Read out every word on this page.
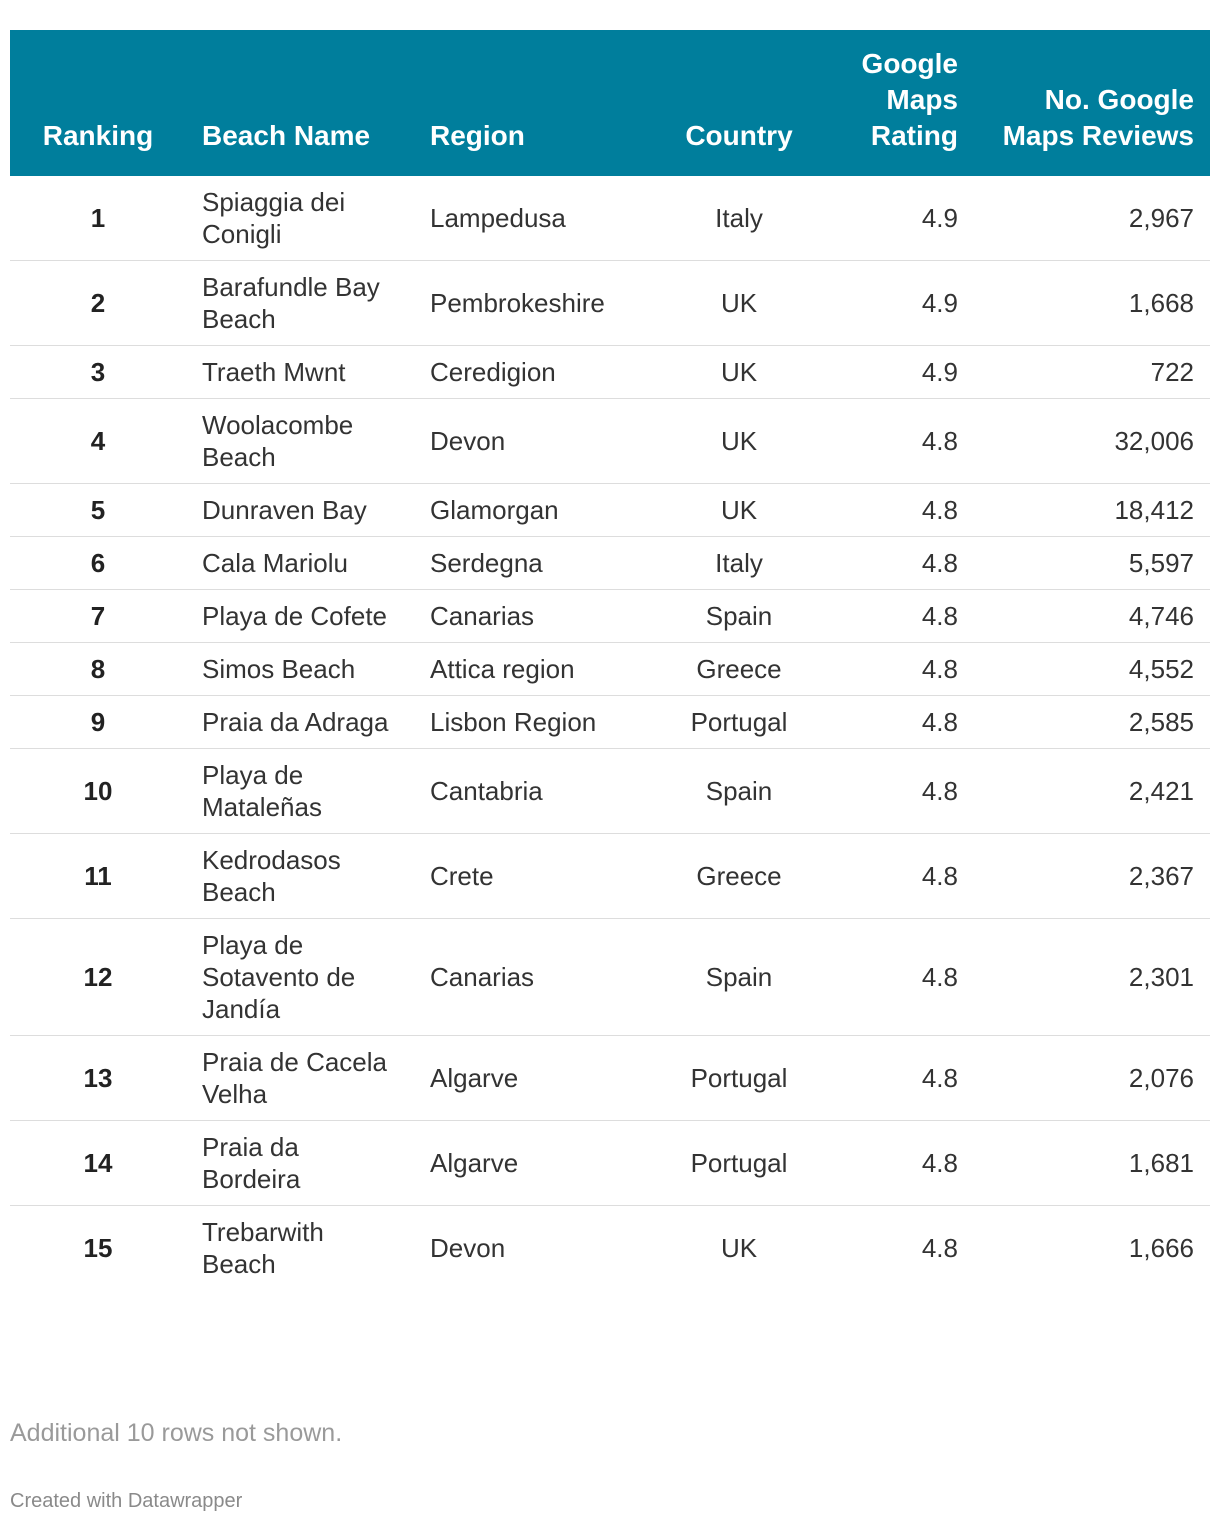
Ranking	Beach Name	Region	Country	Google Maps Rating	No. Google Maps Reviews
1	Spiaggia dei Conigli	Lampedusa	Italy	4.9	2,967
2	Barafundle Bay Beach	Pembrokeshire	UK	4.9	1,668
3	Traeth Mwnt	Ceredigion	UK	4.9	722
4	Woolacombe Beach	Devon	UK	4.8	32,006
5	Dunraven Bay	Glamorgan	UK	4.8	18,412
6	Cala Mariolu	Serdegna	Italy	4.8	5,597
7	Playa de Cofete	Canarias	Spain	4.8	4,746
8	Simos Beach	Attica region	Greece	4.8	4,552
9	Praia da Adraga	Lisbon Region	Portugal	4.8	2,585
10	Playa de Mataleñas	Cantabria	Spain	4.8	2,421
11	Kedrodasos Beach	Crete	Greece	4.8	2,367
12	Playa de Sotavento de Jandía	Canarias	Spain	4.8	2,301
13	Praia de Cacela Velha	Algarve	Portugal	4.8	2,076
14	Praia da Bordeira	Algarve	Portugal	4.8	1,681
15	Trebarwith Beach	Devon	UK	4.8	1,666
Additional 10 rows not shown.
Created with Datawrapper
